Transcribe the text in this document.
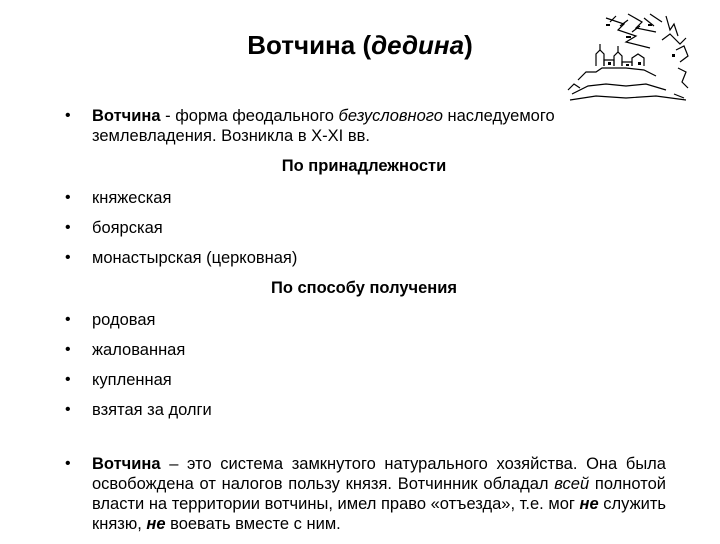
Вотчина (дедина)
• Вотчина - форма феодального безусловного наследуемого землевладения. Возникла в X-XI вв.
По принадлежности
• княжеская
• боярская
• монастырская (церковная)
По способу получения
• родовая
• жалованная
• купленная
• взятая за долги
• Вотчина – это система замкнутого натурального хозяйства. Она была освобождена от налогов пользу князя. Вотчинник обладал всей полнотой власти на территории вотчины, имел право «отъезда», т.е. мог не служить князю, не воевать вместе с ним.
